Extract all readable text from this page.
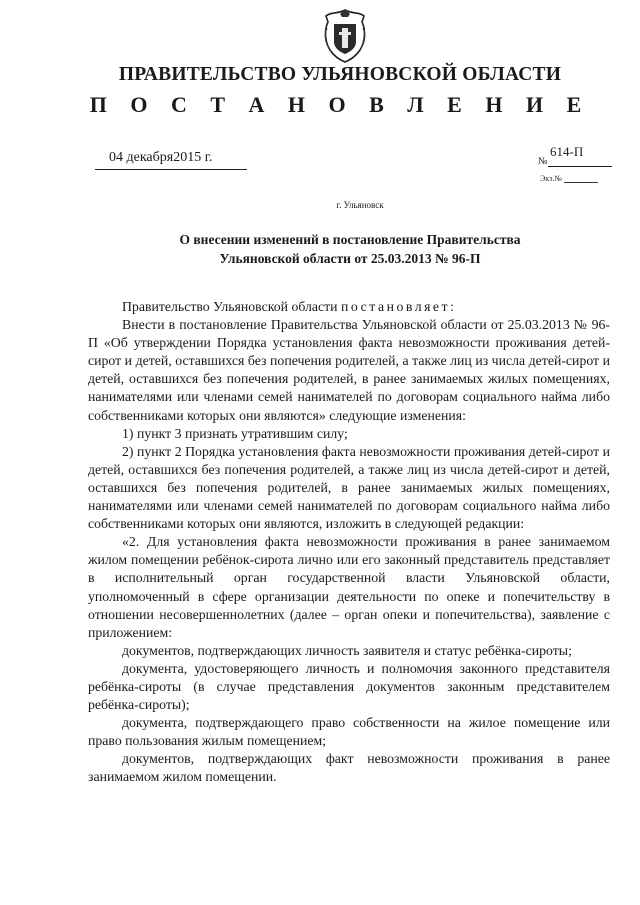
ПРАВИТЕЛЬСТВО УЛЬЯНОВСКОЙ ОБЛАСТИ
П О С Т А Н О В Л Е Н И Е
04 декабря2015 г.	№
614-П
Экз.№
г. Ульяновск
О внесении изменений в постановление Правительства Ульяновской области от 25.03.2013 № 96-П

Правительство Ульяновской области постановляет:

Внести в постановление Правительства Ульяновской области от 25.03.2013 № 96-П «Об утверждении Порядка установления факта невозможности проживания детей-сирот и детей, оставшихся без попечения родителей, а также лиц из числа детей-сирот и детей, оставшихся без попечения родителей, в ранее занимаемых жилых помещениях, нанимателями или членами семей нанимателей по договорам социального найма либо собственниками которых они являются» следующие изменения:

1) пункт 3 признать утратившим силу;

2) пункт 2 Порядка установления факта невозможности проживания детей-сирот и детей, оставшихся без попечения родителей, а также лиц из числа детей-сирот и детей, оставшихся без попечения родителей, в ранее занимаемых жилых помещениях, нанимателями или членами семей нанимателей по договорам социального найма либо собственниками которых они являются, изложить в следующей редакции:

«2. Для установления факта невозможности проживания в ранее занимаемом жилом помещении ребёнок-сирота лично или его законный представитель представляет в исполнительный орган государственной власти Ульяновской области, уполномоченный в сфере организации деятельности по опеке и попечительству в отношении несовершеннолетних (далее – орган опеки и попечительства), заявление с приложением:

документов, подтверждающих личность заявителя и статус ребёнка-сироты;

документа, удостоверяющего личность и полномочия законного представителя ребёнка-сироты (в случае представления документов законным представителем ребёнка-сироты);

документа, подтверждающего право собственности на жилое помещение или право пользования жилым помещением;

документов, подтверждающих факт невозможности проживания в ранее занимаемом жилом помещении.
